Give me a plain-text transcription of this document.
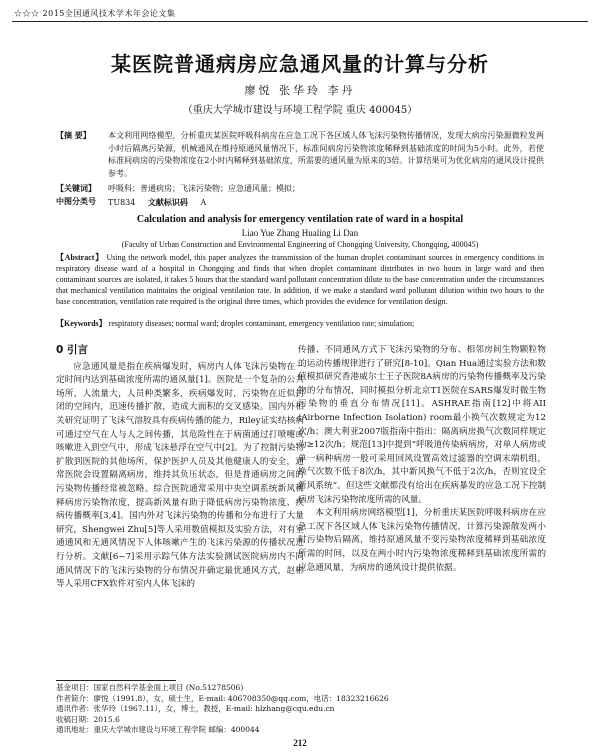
☆☆☆ 2015全国通风技术学术年会论文集
某医院普通病房应急通风量的计算与分析
廖悦 张华玲 李丹
（重庆大学城市建设与环境工程学院 重庆 400045）
【摘 要】 本文利用网络模型，分析重庆某医院呼吸科病房在应急工况下各区域人体飞沫污染物传播情况，发现大病房污染源微粒发两小时后隔离污染源，机械通风在维持原通风量情况下，标准间病房污染物浓度稀释到基础浓度的时间为5小时。此外，若使标准间病房的污染物浓度在2小时内稀释到基础浓度，所需要的通风量为原来的3倍。计算结果可为优化病房的通风设计提供参考。
【关键词】 呼吸科；普通病房；飞沫污染物；应急通风量；模拟；
中图分类号 TU834 文献标识码 A
Calculation and analysis for emergency ventilation rate of ward in a hospital
Liao Yue Zhang Hualing Li Dan
(Faculty of Urban Construction and Environmental Engineering of Chongqing University, Chongqing, 400045)
【Abstract】 Using the network model, this paper analyzes the transmission of the human droplet contaminant sources in emergency conditions in respiratory disease ward of a hospital in Chongqing and finds that when droplet contaminant distributes in two hours in large ward and then contaminant sources are isolated, it takes 5 hours that the standard ward pollutant concentration dilute to the base concentration under the circumstances that mechanical ventilation maintains the original ventilation rate. In addition, if we make a standard ward pollutant dilution within two hours to the base concentration, ventilation rate required is the original three times, which provides the evidence for ventilation design.
【Keywords】 respiratory diseases; normal ward; droplet contaminant, emergency ventilation rate; simulation;
0 引言

应急通风量是指在疾病爆发时，病房内人体飞沫污染物在一定时间内达到基础浓度所需的通风量[1]。医院是一个复杂的公共场所，人流量大，人员种类繁多，疾病爆发时，污染物在近似封闭的空间内，迅速传播扩散，造成大面积的交叉感染。国内外相关研究证明了飞沫气溶胶具有疾病传播的能力，Riley证实结核病可通过空气在人与人之间传播，其危险性在于病菌通过打喷嚏或咳嗽进入到空气中，形成飞沫悬浮在空气中[2]。为了控制污染物扩散到医院的其他场所，保护医护人员及其他健康人的安全，通常医院会设置隔离病房，维持其负压状态，但是普通病房之间的污染物传播经常被忽略。综合医院通常采用中央空调系统新风稀释病房污染物浓度，提高新风量有助于降低病房污染物浓度、疾病传播概率[3,4]。国内外对飞沫污染物的传播和分布进行了大量研究，Shengwei Zhu[5]等人采用数值模拟及实验方法，对有室通通风和无通风情况下人体咳嗽产生的飞沫污染源的传播状况进行分析。文献[6~7]采用示踪气体方法实验测试医院病房内不同通风情况下的飞沫污染物的分布情况并确定最优通风方式，赵彬等人采用CFX软件对室内人体飞沫的

传播、不同通风方式下飞沫污染物的分布、相邻房间生物颗粒物的运动传播规律进行了研究[8-10]。Qian Hua通过实验方法和数值模拟研究香港威尔士王子医院8A病房的污染物传播概率及污染物的分布情况，同时模拟分析北京T1医院在SARS爆发时微生物污染物的垂直分布情况[11]。ASHRAE指南[12]中将AII (Airborne Infection Isolation) room最小换气次数规定为12次/h；澳大利亚2007版指南中指出：隔离病房换气次数同样规定为≥12次/h；规范[13]中提到“呼吸道传染病病房，对单人病房或单一病种病房一般可采用回风设置高效过滤器的空调末端机组，换气次数不低于8次/h，其中新风换气不低于2次/h，否则宜设全新风系统”。但这些文献都没有给出在疾病暴发的应急工况下控制病房飞沫污染物浓度所需的风量。

本文利用病房网络模型[1]，分析重庆某医院呼吸科病房在应急工况下各区域人体飞沫污染物传播情况，计算污染源散发两小时污染物后隔离，维持原通风量不变污染物浓度稀释到基础浓度所需的时间，以及在两小时内污染物浓度稀释到基础浓度所需的应急通风量，为病房的通风设计提供依据。

基金项目：国家自然科学基金面上项目 (No.51278506)
作者简介：廖悦（1991.8），女，硕士生，E-mail: 406708350@qq.com，电话：18323216626
通讯作者：张华玲（1967.11），女，博士，教授，E-mail: hlzhang@cqu.edu.cn
收稿日期：2015.6
通讯地址：重庆大学城市建设与环境工程学院 邮编：400044
212
